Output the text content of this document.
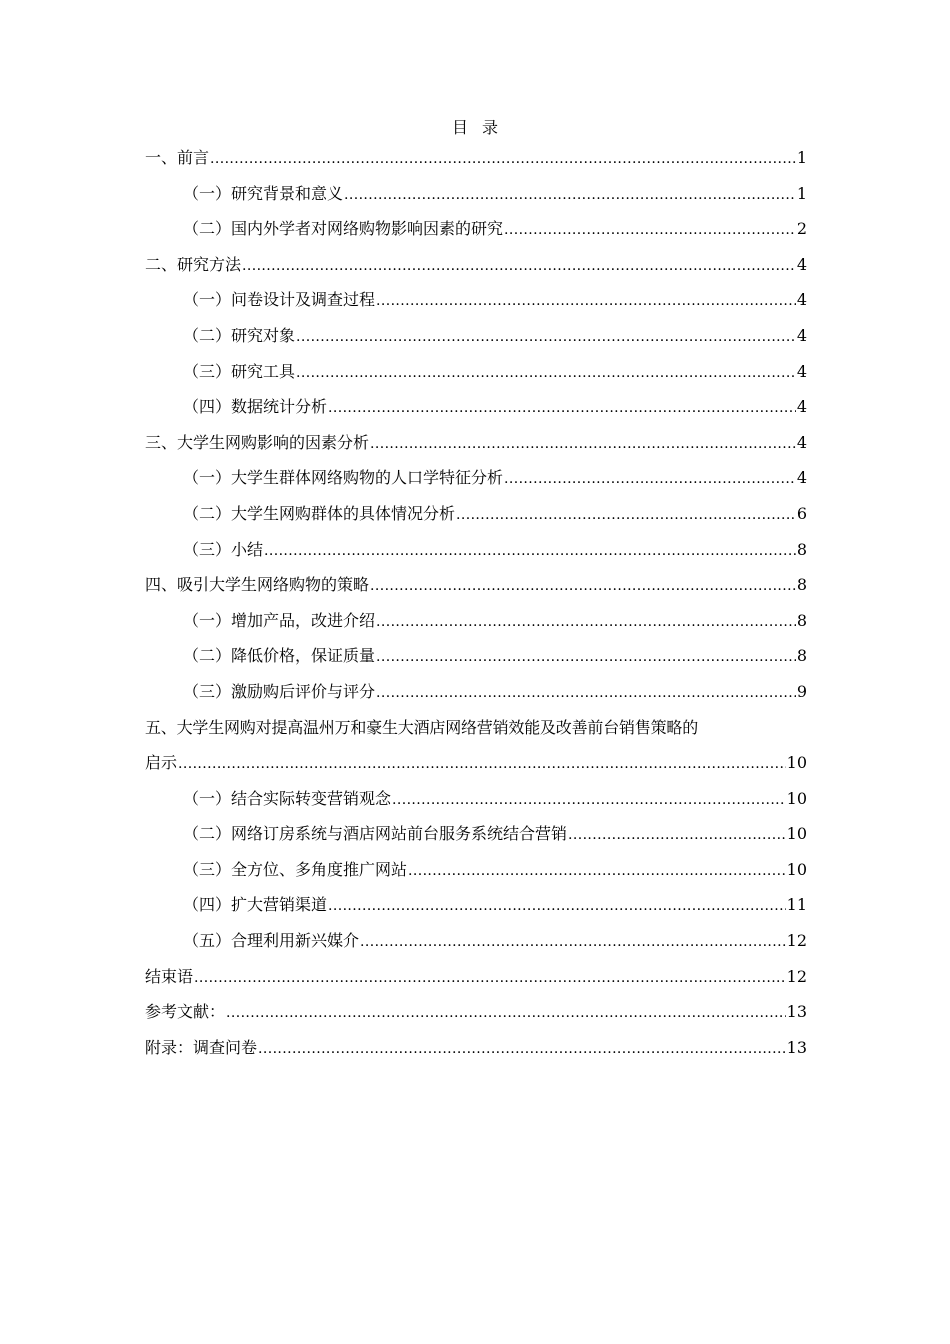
目 录
一、前言 .....	1
（一）研究背景和意义 .....	1
（二）国内外学者对网络购物影响因素的研究 .....	2
二、研究方法 .....	4
（一）问卷设计及调查过程 .....	4
（二）研究对象 .....	4
（三）研究工具 .....	4
（四）数据统计分析 .....	4
三、大学生网购影响的因素分析 .....	4
（一）大学生群体网络购物的人口学特征分析 .....	4
（二）大学生网购群体的具体情况分析 .....	6
（三）小结 .....	8
四、吸引大学生网络购物的策略 .....	8
（一）增加产品，改进介绍 .....	8
（二）降低价格，保证质量 .....	8
（三）激励购后评价与评分 .....	9
五、大学生网购对提高温州万和豪生大酒店网络营销效能及改善前台销售策略的
启示 .....	10
（一）结合实际转变营销观念 .....	10
（二）网络订房系统与酒店网站前台服务系统结合营销 .....	10
（三）全方位、多角度推广网站 .....	10
（四）扩大营销渠道 .....	11
（五）合理利用新兴媒介 .....	12
结束语 .....	12
参考文献： .....	13
附录：调查问卷 .....	13
